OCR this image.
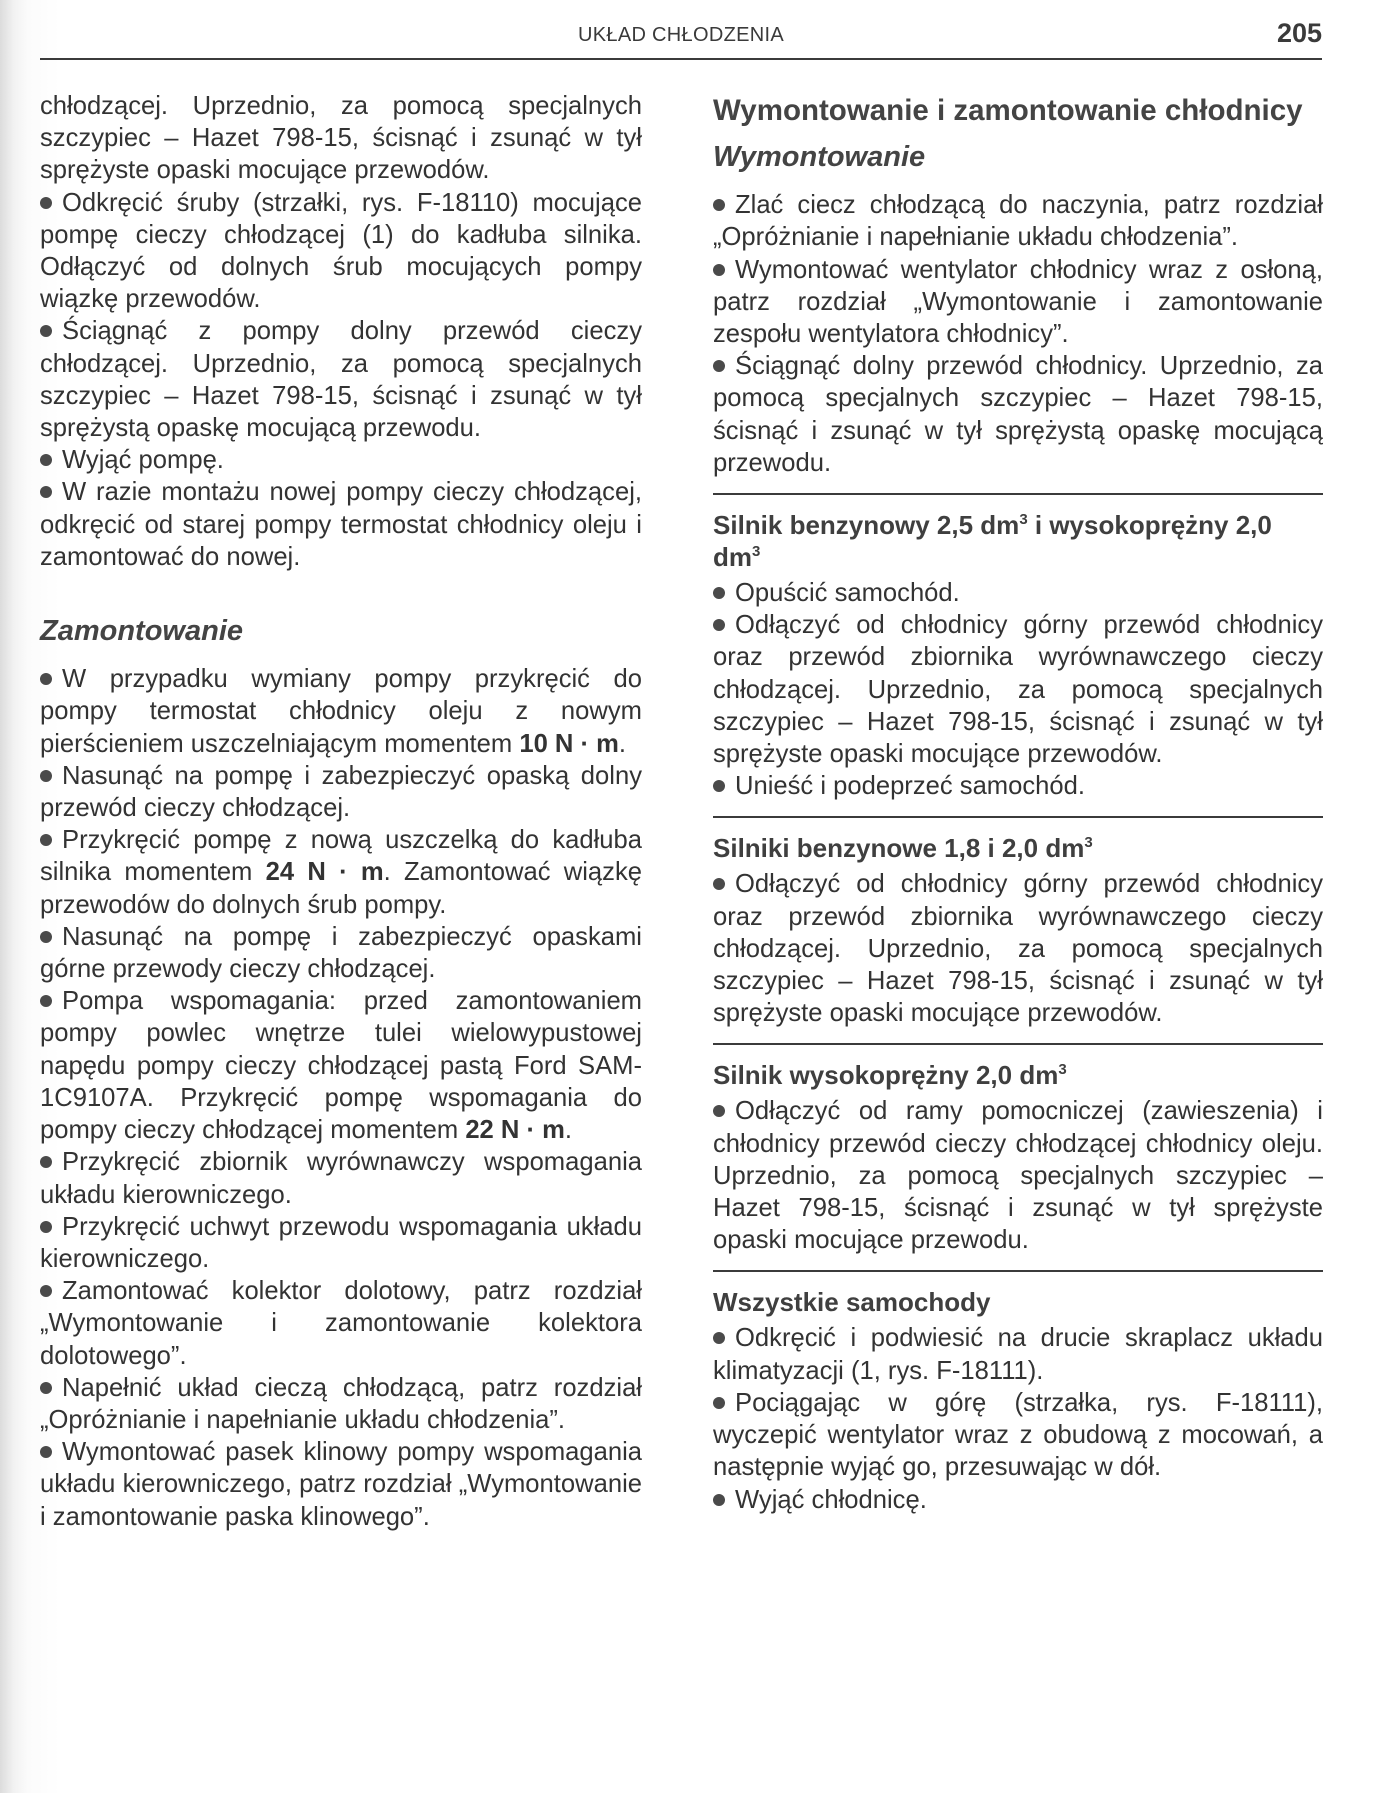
UKŁAD CHŁODZENIA	205

chłodzącej. Uprzednio, za pomocą specjalnych szczypiec – Hazet 798-15, ścisnąć i zsunąć w tył sprężyste opaski mocujące przewodów.

Odkręcić śruby (strzałki, rys. F-18110) mocujące pompę cieczy chłodzącej (1) do kadłuba silnika. Odłączyć od dolnych śrub mocujących pompy wiązkę przewodów.

Ściągnąć z pompy dolny przewód cieczy chłodzącej. Uprzednio, za pomocą specjalnych szczypiec – Hazet 798-15, ścisnąć i zsunąć w tył sprężystą opaskę mocującą przewodu.

Wyjąć pompę.

W razie montażu nowej pompy cieczy chłodzącej, odkręcić od starej pompy termostat chłodnicy oleju i zamontować do nowej.

Zamontowanie

W przypadku wymiany pompy przykręcić do pompy termostat chłodnicy oleju z nowym pierścieniem uszczelniającym momentem 10 N · m.

Nasunąć na pompę i zabezpieczyć opaską dolny przewód cieczy chłodzącej.

Przykręcić pompę z nową uszczelką do kadłuba silnika momentem 24 N · m. Zamontować wiązkę przewodów do dolnych śrub pompy.

Nasunąć na pompę i zabezpieczyć opaskami górne przewody cieczy chłodzącej.

Pompa wspomagania: przed zamontowaniem pompy powlec wnętrze tulei wielowypustowej napędu pompy cieczy chłodzącej pastą Ford SAM-1C9107A. Przykręcić pompę wspomagania do pompy cieczy chłodzącej momentem 22 N · m.

Przykręcić zbiornik wyrównawczy wspomagania układu kierowniczego.

Przykręcić uchwyt przewodu wspomagania układu kierowniczego.

Zamontować kolektor dolotowy, patrz rozdział „Wymontowanie i zamontowanie kolektora dolotowego”.

Napełnić układ cieczą chłodzącą, patrz rozdział „Opróżnianie i napełnianie układu chłodzenia”.

Wymontować pasek klinowy pompy wspomagania układu kierowniczego, patrz rozdział „Wymontowanie i zamontowanie paska klinowego”.

Wymontowanie i zamontowanie chłodnicy
Wymontowanie

Zlać ciecz chłodzącą do naczynia, patrz rozdział „Opróżnianie i napełnianie układu chłodzenia”.

Wymontować wentylator chłodnicy wraz z osłoną, patrz rozdział „Wymontowanie i zamontowanie zespołu wentylatora chłodnicy”.

Ściągnąć dolny przewód chłodnicy. Uprzednio, za pomocą specjalnych szczypiec – Hazet 798-15, ścisnąć i zsunąć w tył sprężystą opaskę mocującą przewodu.

Silnik benzynowy 2,5 $dm^3$ i wysokoprężny 2,0 $dm^3$

Opuścić samochód.

Odłączyć od chłodnicy górny przewód chłodnicy oraz przewód zbiornika wyrównawczego cieczy chłodzącej. Uprzednio, za pomocą specjalnych szczypiec – Hazet 798-15, ścisnąć i zsunąć w tył sprężyste opaski mocujące przewodów.

Unieść i podeprzeć samochód.

Silniki benzynowe 1,8 i 2,0 $dm^3$

Odłączyć od chłodnicy górny przewód chłodnicy oraz przewód zbiornika wyrównawczego cieczy chłodzącej. Uprzednio, za pomocą specjalnych szczypiec – Hazet 798-15, ścisnąć i zsunąć w tył sprężyste opaski mocujące przewodów.

Silnik wysokoprężny 2,0 $dm^3$

Odłączyć od ramy pomocniczej (zawieszenia) i chłodnicy przewód cieczy chłodzącej chłodnicy oleju. Uprzednio, za pomocą specjalnych szczypiec – Hazet 798-15, ścisnąć i zsunąć w tył sprężyste opaski mocujące przewodu.

Wszystkie samochody

Odkręcić i podwiesić na drucie skraplacz układu klimatyzacji (1, rys. F-18111).

Pociągając w górę (strzałka, rys. F-18111), wyczepić wentylator wraz z obudową z mocowań, a następnie wyjąć go, przesuwając w dół.

Wyjąć chłodnicę.
